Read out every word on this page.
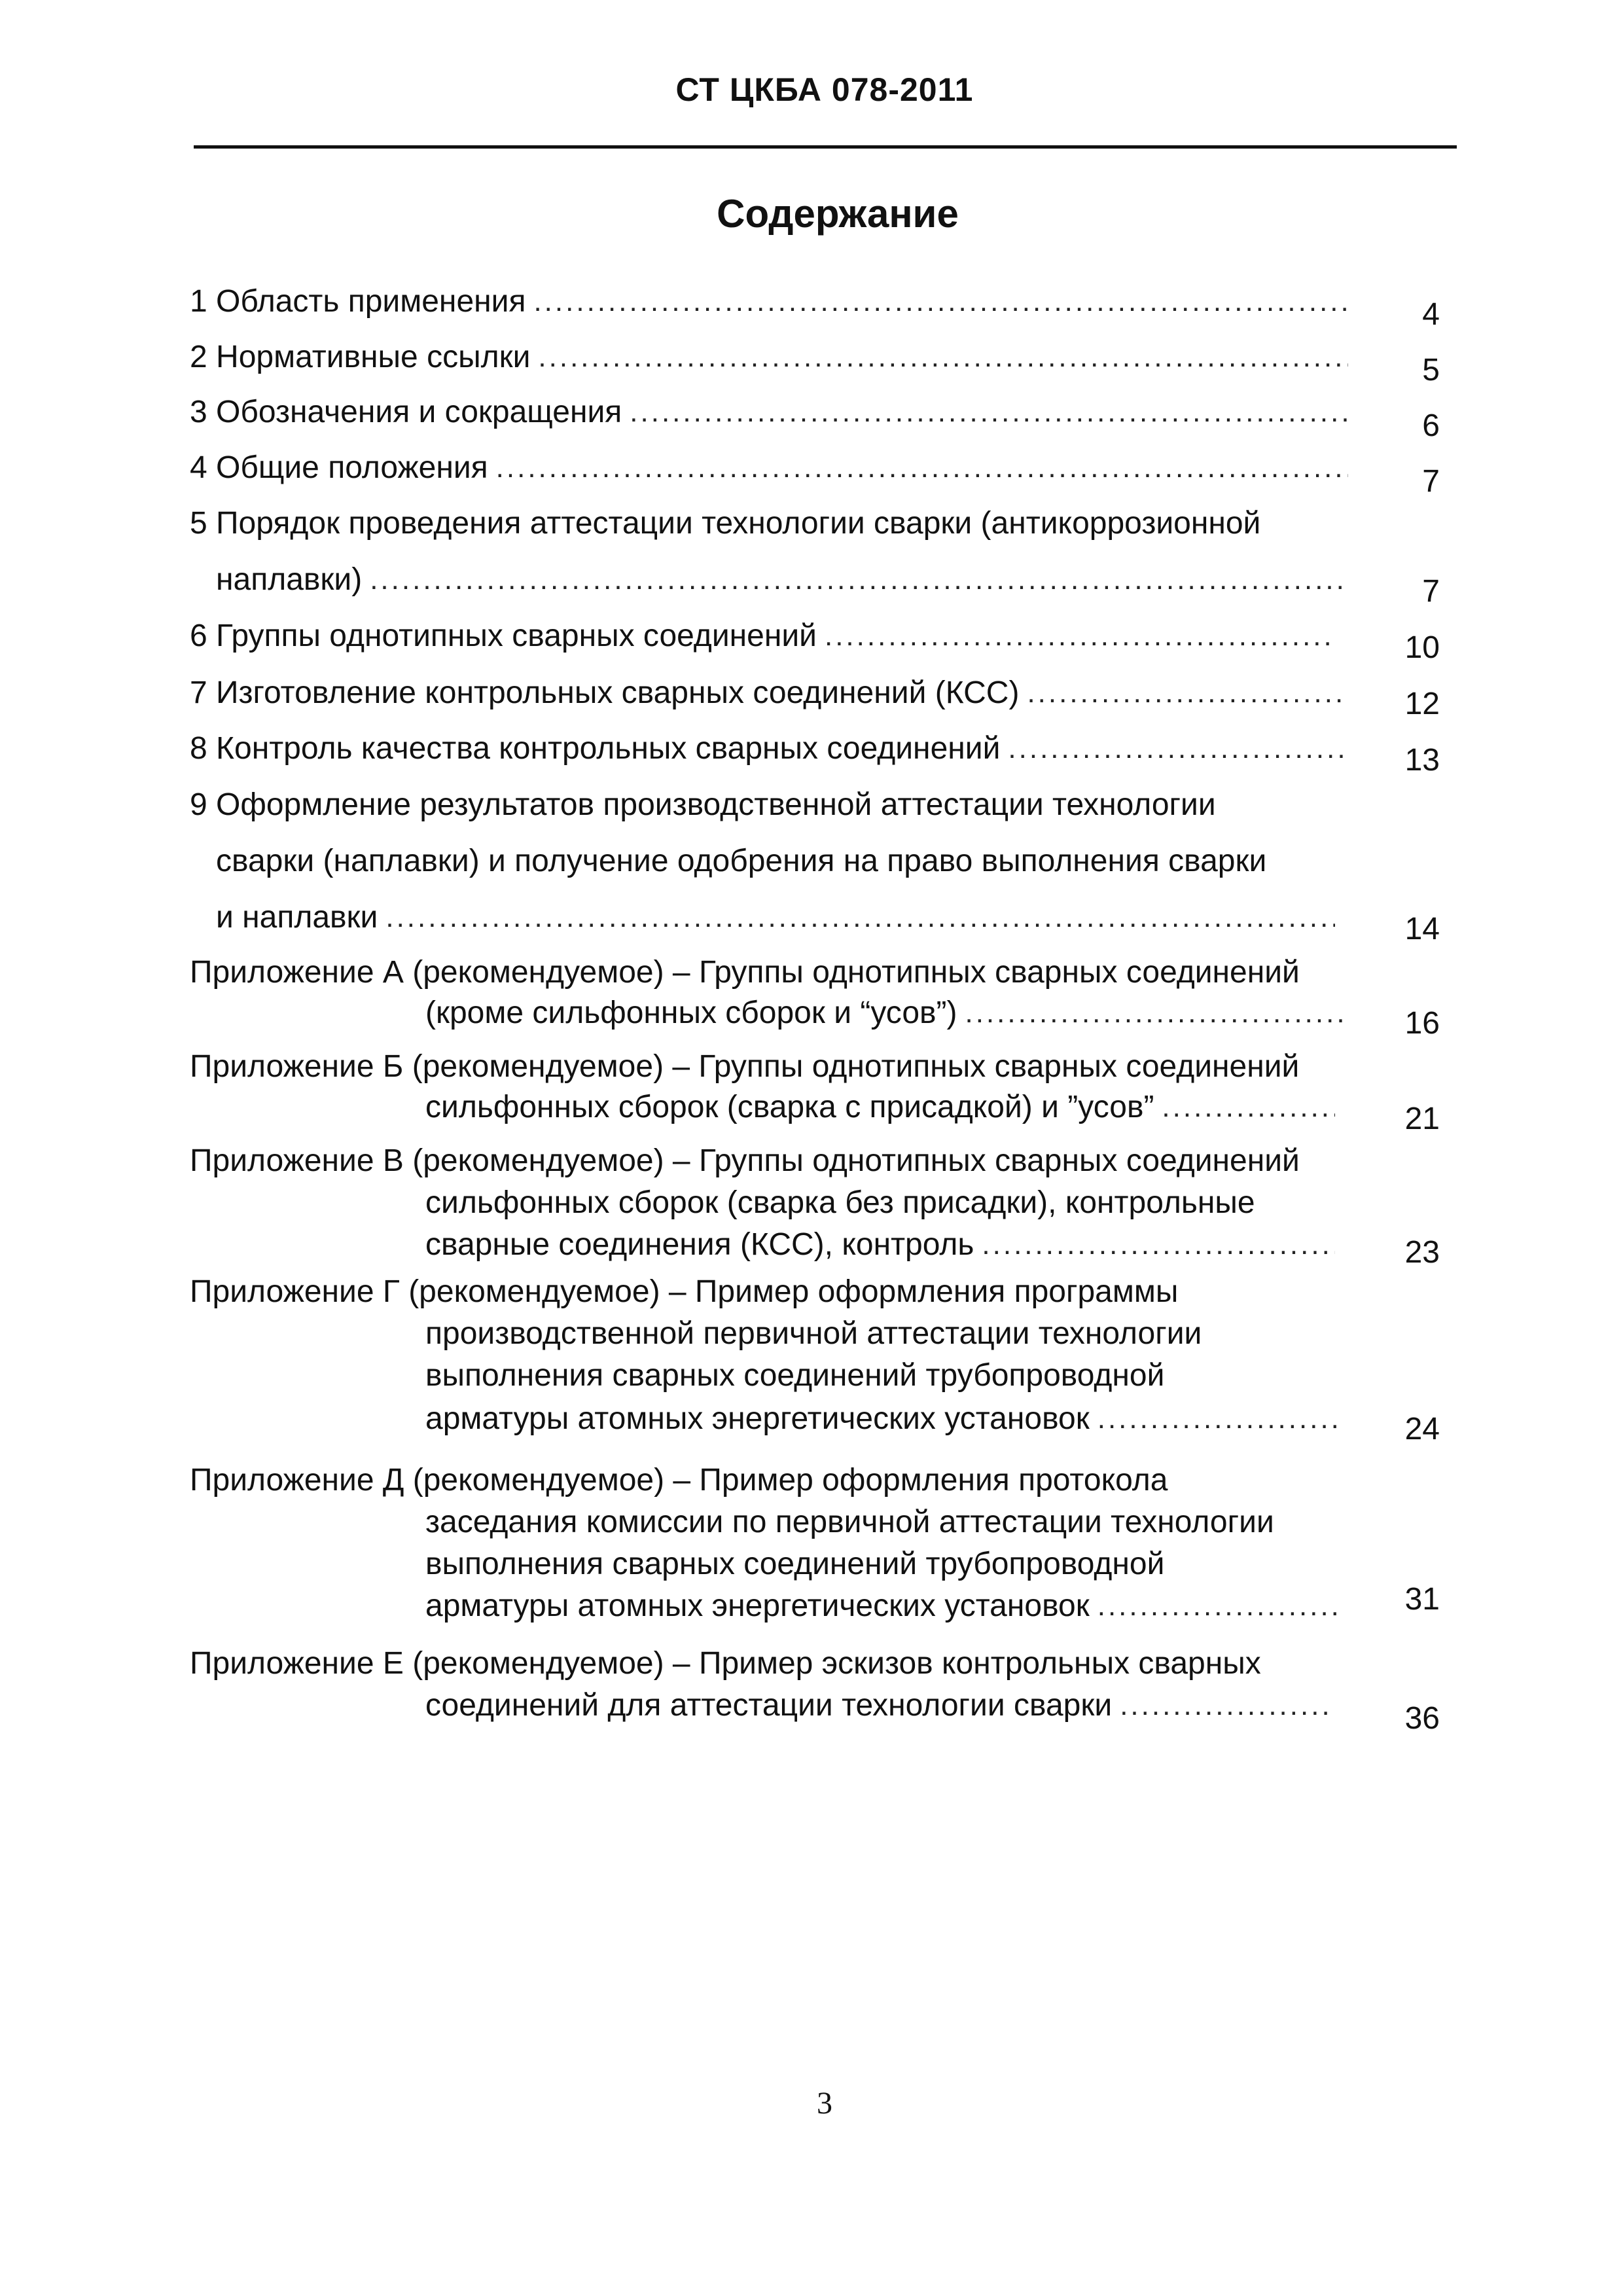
СТ ЦКБА 078-2011
Содержание
1 Область применения .....	4
2 Нормативные ссылки .....	5
3 Обозначения и сокращения .....	6
4 Общие положения .....	7
5 Порядок проведения аттестации технологии сварки (антикоррозионной
наплавки) .....	7
6 Группы однотипных сварных соединений .....	10
7 Изготовление контрольных сварных соединений (КСС) .....	12
8 Контроль качества контрольных сварных соединений .....	13
9 Оформление результатов производственной аттестации технологии
сварки (наплавки) и получение одобрения на право выполнения сварки
и наплавки .....	14
Приложение А (рекомендуемое) – Группы однотипных сварных соединений
(кроме сильфонных сборок и “усов”) .....	16
Приложение Б (рекомендуемое) – Группы однотипных сварных соединений
сильфонных сборок (сварка с присадкой) и ”усов” .....	21
Приложение В (рекомендуемое) – Группы однотипных сварных соединений
сильфонных сборок (сварка без присадки), контрольные
сварные соединения (КСС), контроль .....	23
Приложение Г (рекомендуемое) – Пример оформления программы
производственной первичной аттестации технологии
выполнения сварных соединений трубопроводной
арматуры атомных энергетических установок .....	24
Приложение Д (рекомендуемое) – Пример оформления протокола
заседания комиссии по первичной аттестации технологии
выполнения сварных соединений трубопроводной
арматуры атомных энергетических установок .....	31
Приложение Е (рекомендуемое) – Пример эскизов контрольных сварных
соединений для аттестации технологии сварки .....	36
3
